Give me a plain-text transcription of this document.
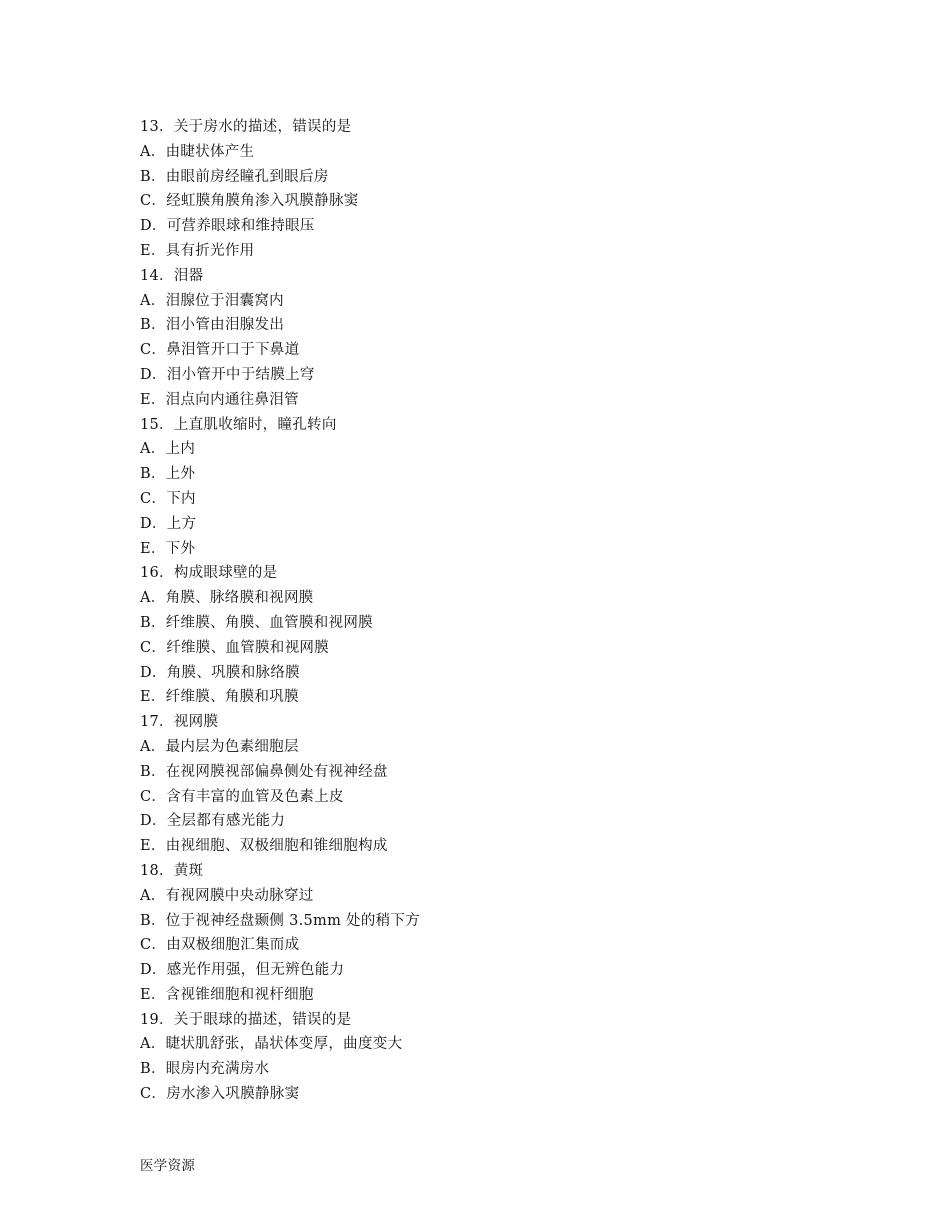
13．关于房水的描述，错误的是
A．由睫状体产生
B．由眼前房经瞳孔到眼后房
C．经虹膜角膜角渗入巩膜静脉窦
D．可营养眼球和维持眼压
E．具有折光作用
14．泪器
A．泪腺位于泪囊窝内
B．泪小管由泪腺发出
C．鼻泪管开口于下鼻道
D．泪小管开中于结膜上穹
E．泪点向内通往鼻泪管
15．上直肌收缩时，瞳孔转向
A．上内
B．上外
C．下内
D．上方
E．下外
16．构成眼球壁的是
A．角膜、脉络膜和视网膜
B．纤维膜、角膜、血管膜和视网膜
C．纤维膜、血管膜和视网膜
D．角膜、巩膜和脉络膜
E．纤维膜、角膜和巩膜
17．视网膜
A．最内层为色素细胞层
B．在视网膜视部偏鼻侧处有视神经盘
C．含有丰富的血管及色素上皮
D．全层都有感光能力
E．由视细胞、双极细胞和锥细胞构成
18．黄斑
A．有视网膜中央动脉穿过
B．位于视神经盘颞侧 3.5mm 处的稍下方
C．由双极细胞汇集而成
D．感光作用强，但无辨色能力
E．含视锥细胞和视杆细胞
19．关于眼球的描述，错误的是
A．睫状肌舒张，晶状体变厚，曲度变大
B．眼房内充满房水
C．房水渗入巩膜静脉窦
医学资源
